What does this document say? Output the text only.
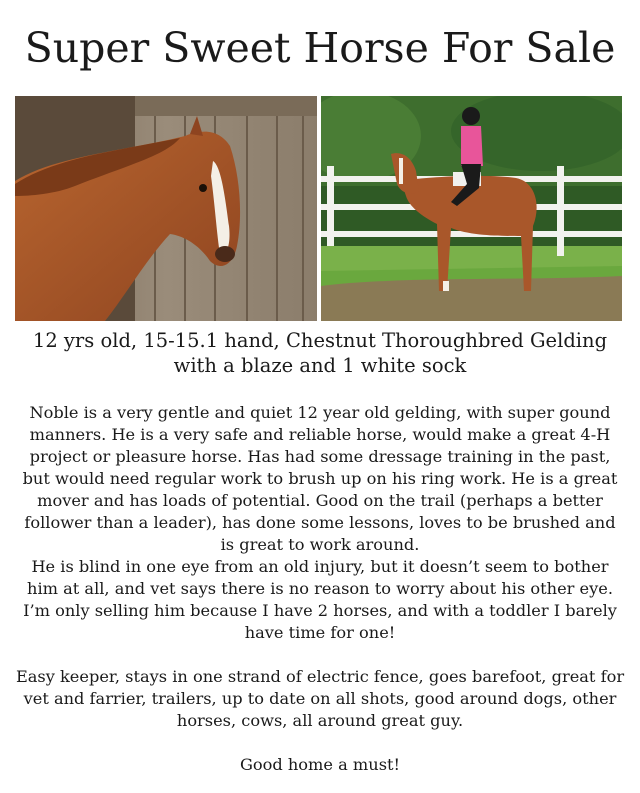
Super Sweet Horse For Sale
12 yrs old, 15-15.1 hand, Chestnut Thoroughbred Gelding
with a blaze and 1 white sock
Noble is a very gentle and quiet 12 year old gelding, with super gound
manners. He is a very safe and reliable horse, would make a great 4-H
project or pleasure horse. Has had some dressage training in the past,
but would need regular work to brush up on his ring work. He is a great
mover and has loads of potential. Good on the trail (perhaps a better
follower than a leader), has done some lessons, loves to be brushed and
is great to work around.
He is blind in one eye from an old injury, but it doesn’t seem to bother
him at all, and vet says there is no reason to worry about his other eye.
I’m only selling him because I have 2 horses, and with a toddler I barely
have time for one!
Easy keeper, stays in one strand of electric fence, goes barefoot, great for
vet and farrier, trailers, up to date on all shots, good around dogs, other
horses, cows, all around great guy.
Good home a must!
